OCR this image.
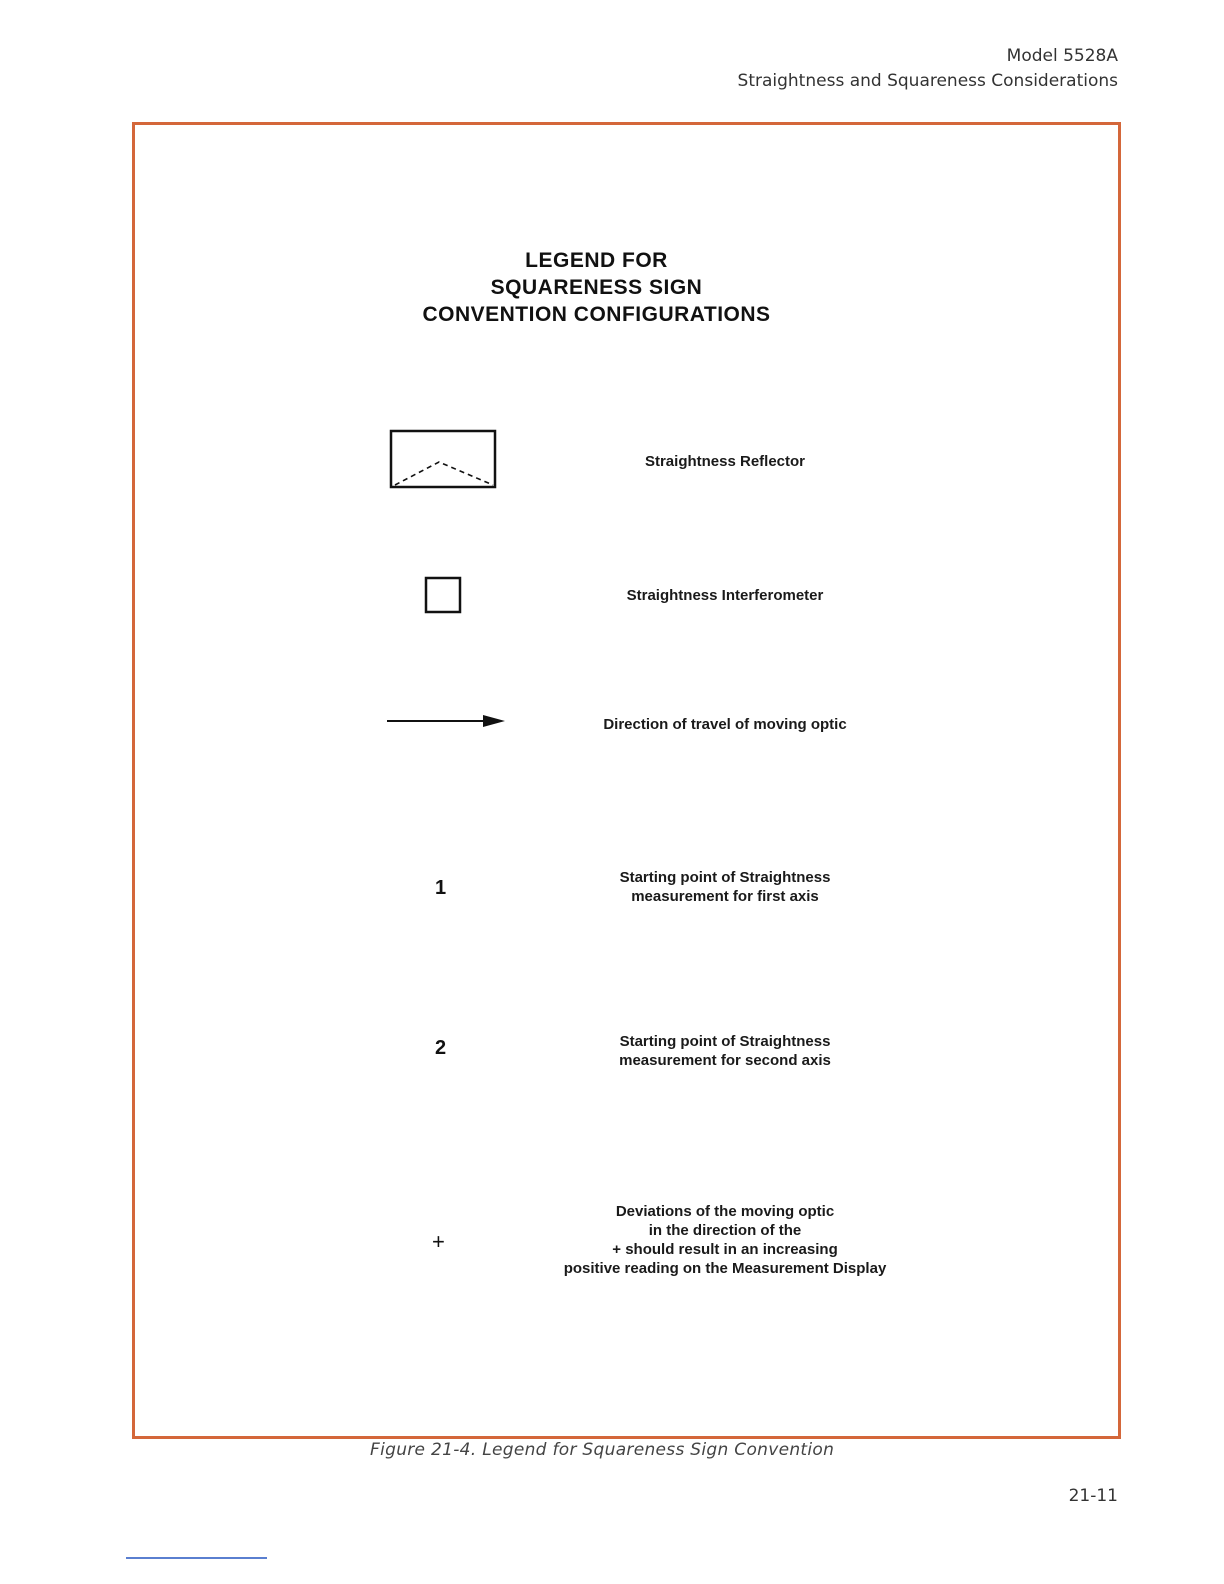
Model 5528A
Straightness and Squareness Considerations
LEGEND FOR
SQUARENESS SIGN
CONVENTION CONFIGURATIONS
Straightness Reflector
Straightness Interferometer
Direction of travel of moving optic
1	Starting point of Straightness
measurement for first axis
2	Starting point of Straightness
measurement for second axis
+
Deviations of the moving optic
in the direction of the
+ should result in an increasing
positive reading on the Measurement Display
Figure 21-4. Legend for Squareness Sign Convention
21-11
